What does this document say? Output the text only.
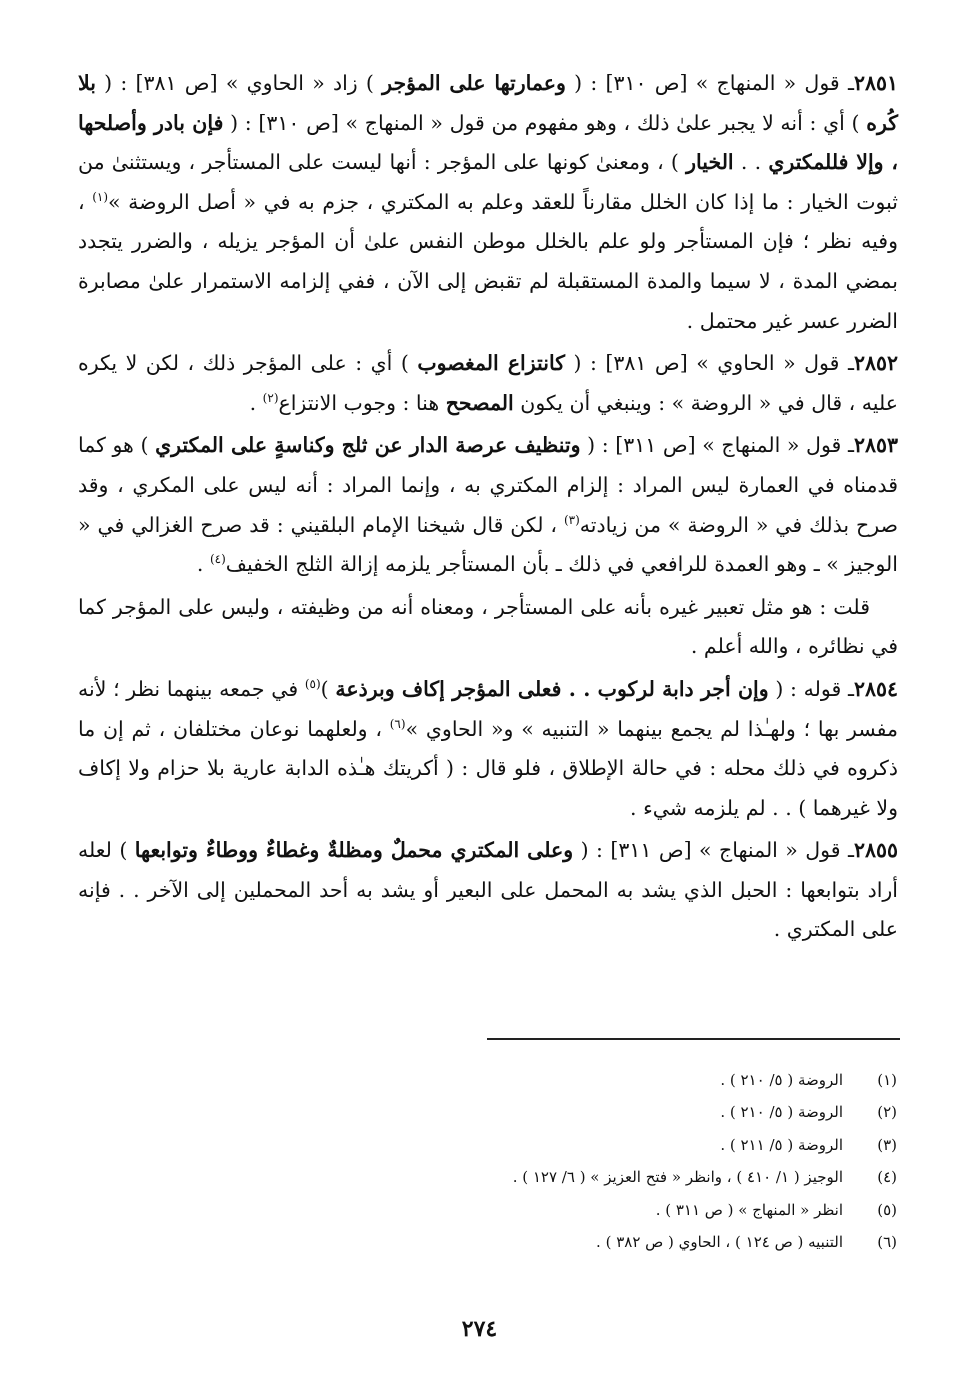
٢٨٥١ـ قول « المنهاج » [ص ٣١٠] : ( وعمارتها على المؤجر ) زاد « الحاوي » [ص ٣٨١] : ( بلا كُره ) أي : أنه لا يجبر علىٰ ذلك ، وهو مفهوم من قول « المنهاج » [ص ٣١٠] : ( فإن بادر وأصلحها ، وإلا فللمكتري . . الخيار ) ، ومعنىٰ كونها على المؤجر : أنها ليست على المستأجر ، ويستثنىٰ من ثبوت الخيار : ما إذا كان الخلل مقارناً للعقد وعلم به المكتري ، جزم به في « أصل الروضة »$^{(١)}$ ، وفيه نظر ؛ فإن المستأجر ولو علم بالخلل موطن النفس علىٰ أن المؤجر يزيله ، والضرر يتجدد بمضي المدة ، لا سيما والمدة المستقبلة لم تقبض إلى الآن ، ففي إلزامه الاستمرار علىٰ مصابرة الضرر عسر غير محتمل .

٢٨٥٢ـ قول « الحاوي » [ص ٣٨١] : ( كانتزاع المغصوب ) أي : على المؤجر ذلك ، لكن لا يكره عليه ، قال في « الروضة » : وينبغي أن يكون المصحح هنا : وجوب الانتزاع$^{(٢)}$ .

٢٨٥٣ـ قول « المنهاج » [ص ٣١١] : ( وتنظيف عرصة الدار عن ثلج وكناسةٍ على المكتري ) هو كما قدمناه في العمارة ليس المراد : إلزام المكتري به ، وإنما المراد : أنه ليس على المكري ، وقد صرح بذلك في « الروضة » من زيادته$^{(٣)}$ ، لكن قال شيخنا الإمام البلقيني : قد صرح الغزالي في « الوجيز » ـ وهو العمدة للرافعي في ذلك ـ بأن المستأجر يلزمه إزالة الثلج الخفيف$^{(٤)}$ .

قلت : هو مثل تعبير غيره بأنه على المستأجر ، ومعناه أنه من وظيفته ، وليس على المؤجر كما في نظائره ، والله أعلم .

٢٨٥٤ـ قوله : ( وإن أجر دابة لركوب . . فعلى المؤجر إكاف وبرذعة )$^{(٥)}$ في جمعه بينهما نظر ؛ لأنه مفسر بها ؛ ولهـٰذا لم يجمع بينهما « التنبيه » و« الحاوي »$^{(٦)}$ ، ولعلهما نوعان مختلفان ، ثم إن ما ذكروه في ذلك محله : في حالة الإطلاق ، فلو قال : ( أكريتك هـٰذه الدابة عارية بلا حزام ولا إكاف ولا غيرهما ) . . لم يلزمه شيء .

٢٨٥٥ـ قول « المنهاج » [ص ٣١١] : ( وعلى المكتري محملٌ ومظلةٌ وغطاءٌ ووطاءٌ وتوابعها ) لعله أراد بتوابعها : الحبل الذي يشد به المحمل على البعير أو يشد به أحد المحملين إلى الآخر . . فإنه على المكتري .

(١)
الروضة ( ٥/ ٢١٠ ) .
(٢)
الروضة ( ٥/ ٢١٠ ) .
(٣)
الروضة ( ٥/ ٢١١ ) .
(٤)
الوجيز ( ١/ ٤١٠ ) ، وانظر « فتح العزيز » ( ٦/ ١٢٧ ) .
(٥)
انظر « المنهاج » ( ص ٣١١ ) .
(٦)
التنبيه ( ص ١٢٤ ) ، الحاوي ( ص ٣٨٢ ) .
٢٧٤
